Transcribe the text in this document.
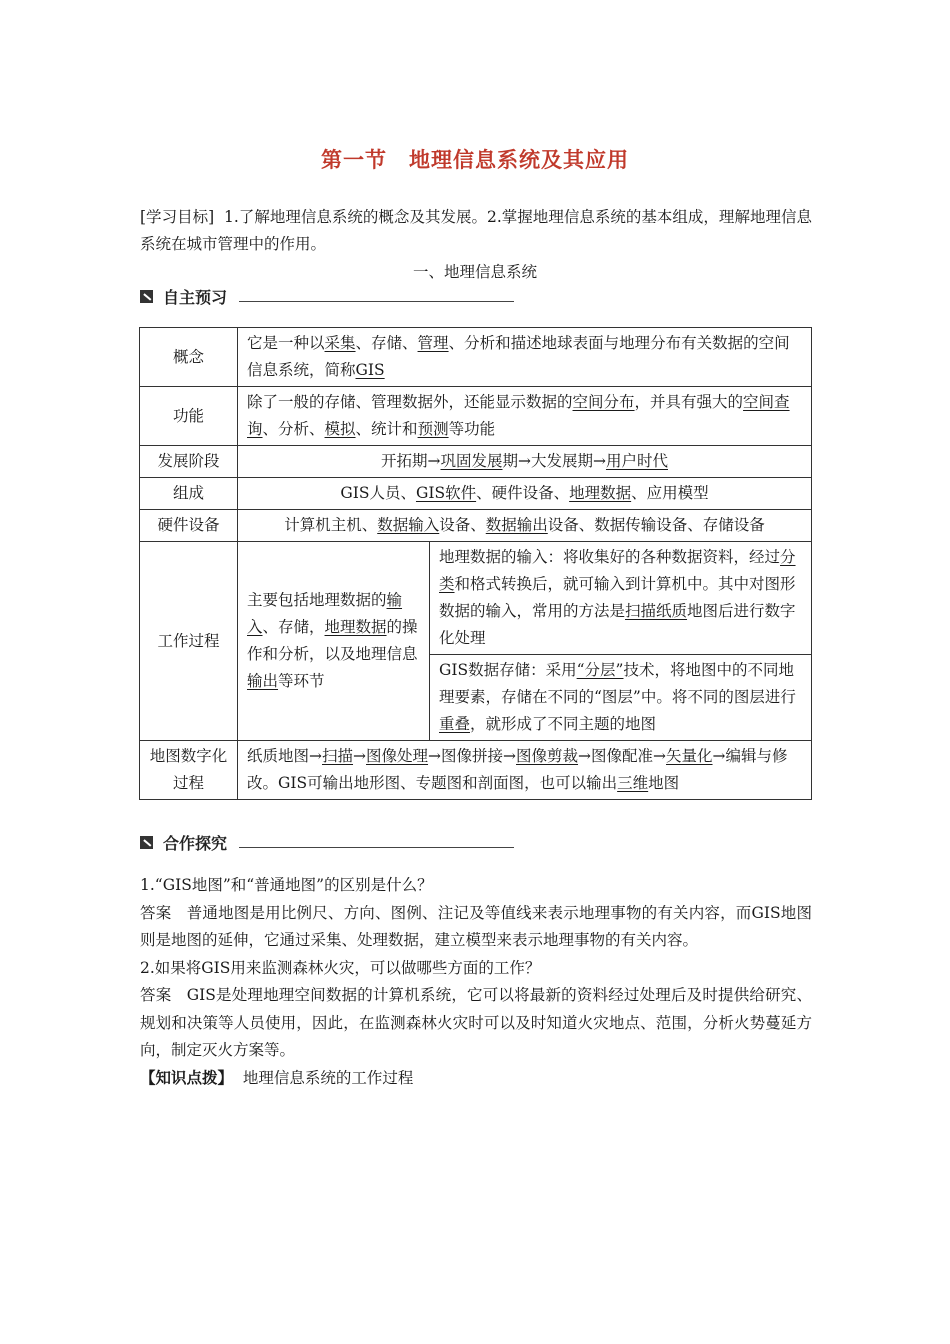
第一节　地理信息系统及其应用
[学习目标] 1.了解地理信息系统的概念及其发展。2.掌握地理信息系统的基本组成，理解地理信息系统在城市管理中的作用。
一、地理信息系统
自主预习
概念	它是一种以采集、存储、管理、分析和描述地球表面与地理分布有关数据的空间信息系统，简称GIS	
功能	除了一般的存储、管理数据外，还能显示数据的空间分布，并具有强大的空间查询、分析、模拟、统计和预测等功能	
发展阶段	开拓期→巩固发展期→大发展期→用户时代	
组成	GIS人员、GIS软件、硬件设备、地理数据、应用模型	
硬件设备	计算机主机、数据输入设备、数据输出设备、数据传输设备、存储设备	
工作过程	主要包括地理数据的输入、存储，地理数据的操作和分析，以及地理信息输出等环节	地理数据的输入：将收集好的各种数据资料，经过分类和格式转换后，就可输入到计算机中。其中对图形数据的输入，常用的方法是扫描纸质地图后进行数字化处理
		GIS数据存储：采用“分层”技术，将地图中的不同地理要素，存储在不同的“图层”中。将不同的图层进行重叠，就形成了不同主题的地图
地图数字化过程	纸质地图→扫描→图像处理→图像拼接→图像剪裁→图像配准→矢量化→编辑与修改。GIS可输出地形图、专题图和剖面图，也可以输出三维地图	
合作探究

1.“GIS地图”和“普通地图”的区别是什么？

答案 普通地图是用比例尺、方向、图例、注记及等值线来表示地理事物的有关内容，而GIS地图则是地图的延伸，它通过采集、处理数据，建立模型来表示地理事物的有关内容。

2.如果将GIS用来监测森林火灾，可以做哪些方面的工作？

答案 GIS是处理地理空间数据的计算机系统，它可以将最新的资料经过处理后及时提供给研究、规划和决策等人员使用，因此，在监测森林火灾时可以及时知道火灾地点、范围，分析火势蔓延方向，制定灭火方案等。

【知识点拨】 地理信息系统的工作过程
